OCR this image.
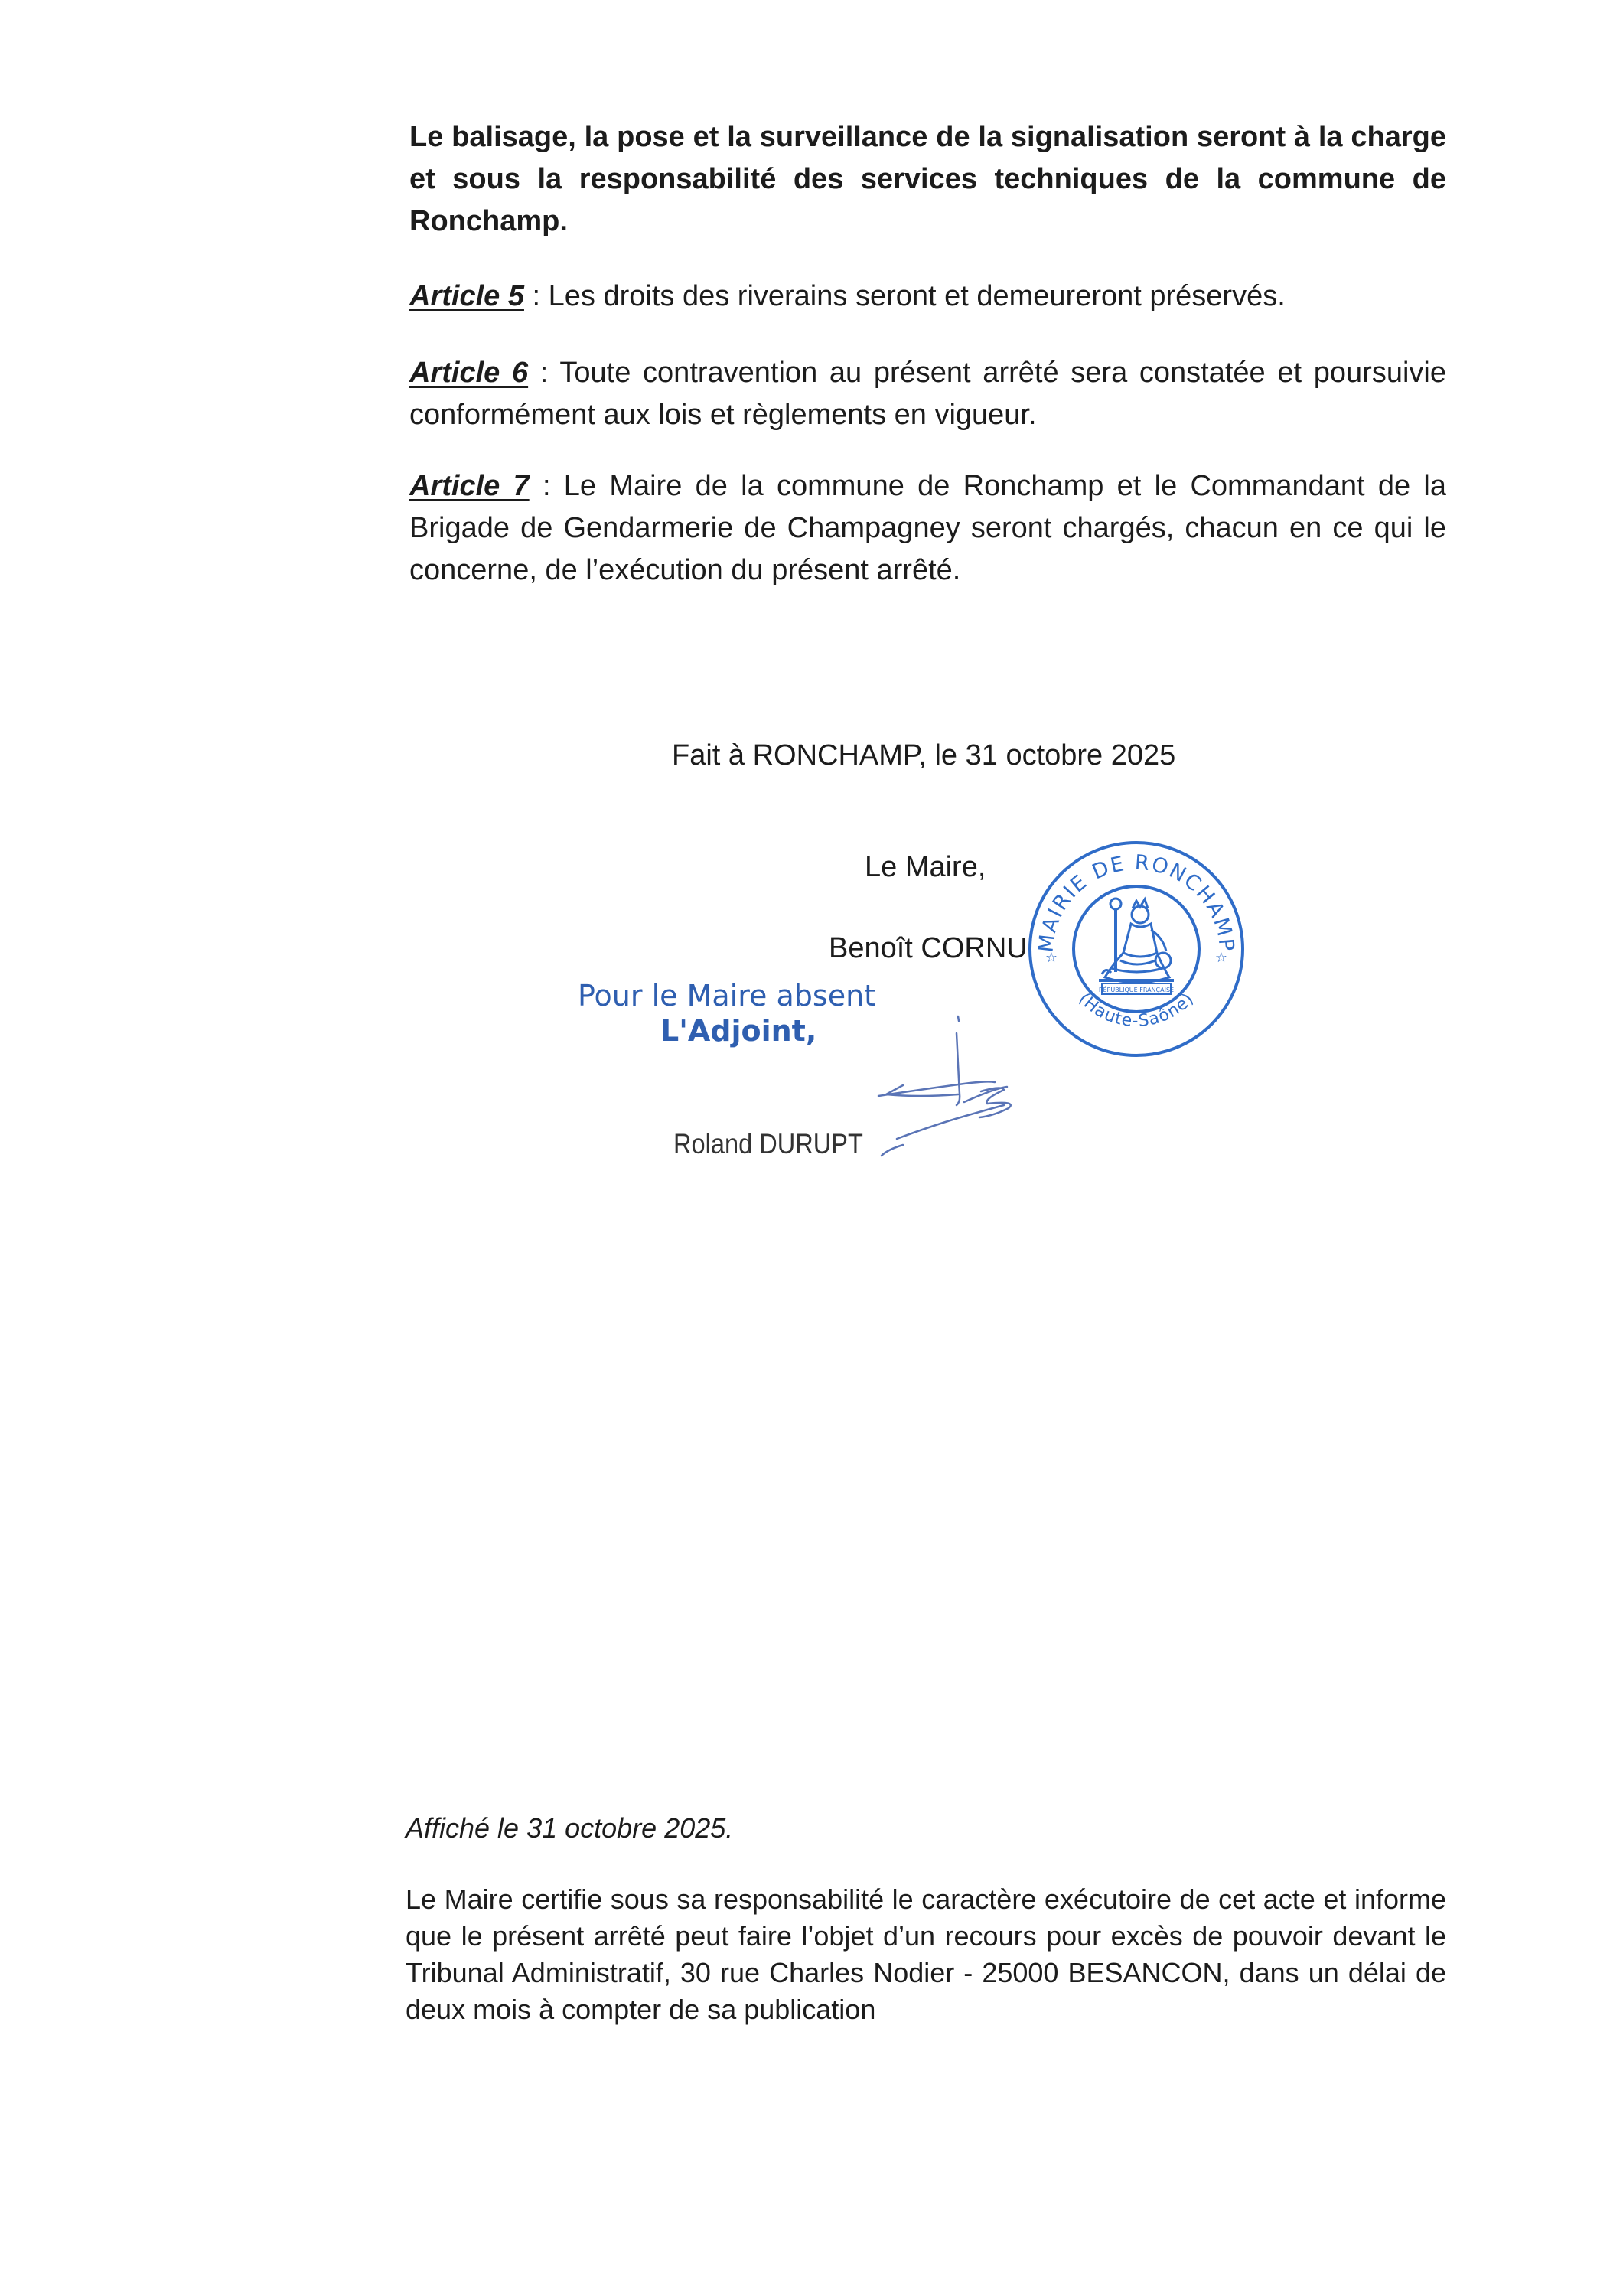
Le balisage, la pose et la surveillance de la signalisation seront à la charge et sous la responsabilité des services techniques de la commune de Ronchamp.

Article 5 : Les droits des riverains seront et demeureront préservés.

Article 6 : Toute contravention au présent arrêté sera constatée et poursuivie conformément aux lois et règlements en vigueur.

Article 7 : Le Maire de la commune de Ronchamp et le Commandant de la Brigade de Gendarmerie de Champagney seront chargés, chacun en ce qui le concerne, de l’exécution du présent arrêté.

Fait à RONCHAMP, le 31 octobre 2025
Le Maire,
Benoît CORNU
Pour le Maire absent
L'Adjoint,
Roland DURUPT
MAIRIE DE RONCHAMP
(Haute-Saône)
☆	☆
RÉPUBLIQUE FRANÇAISE
Affiché le 31 octobre 2025.

Le Maire certifie sous sa responsabilité le caractère exécutoire de cet acte et informe que le présent arrêté peut faire l’objet d’un recours pour excès de pouvoir devant le Tribunal Administratif, 30 rue Charles Nodier - 25000 BESANCON, dans un délai de deux mois à compter de sa publication
